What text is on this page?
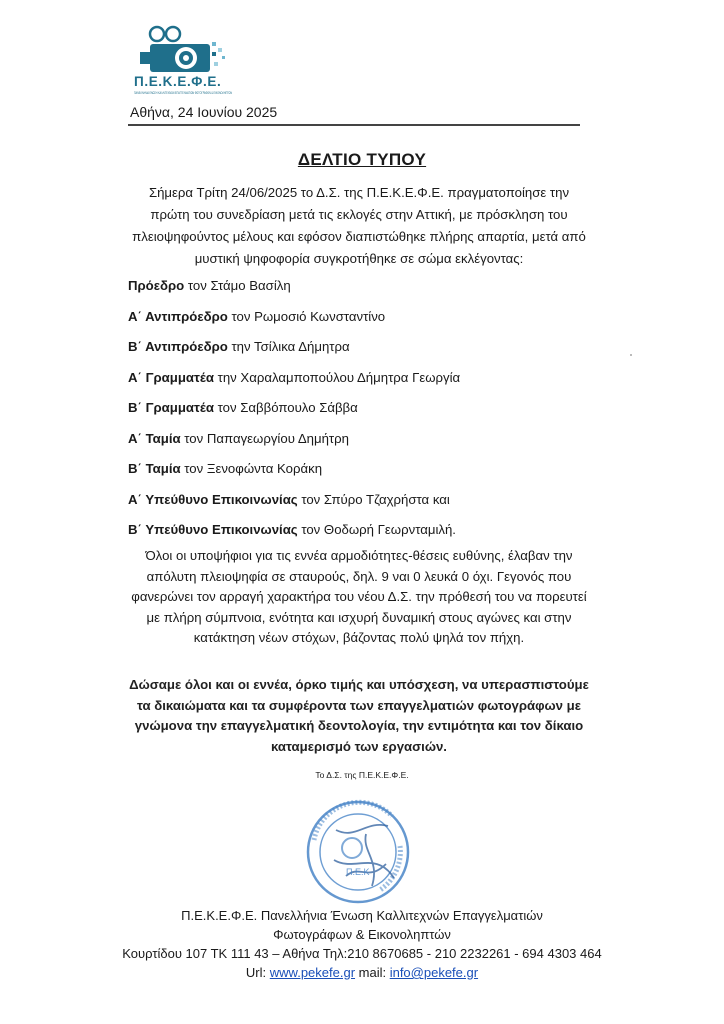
Π.Ε.Κ.Ε.Φ.Ε.
ΠΑΝΕΛΛΗΝΙΑ ΕΝΩΣΗ ΚΑΛΛΙΤΕΧΝΩΝ ΕΠΑΓΓΕΛΜΑΤΙΩΝ ΦΩΤΟΓΡΑΦΩΝ & ΕΙΚΟΝΟΛΗΠΤΩΝ
Αθήνα, 24 Ιουνίου 2025
ΔΕΛΤΙΟ ΤΥΠΟΥ
Σήμερα Τρίτη 24/06/2025 το Δ.Σ. της Π.Ε.Κ.Ε.Φ.Ε. πραγματοποίησε την πρώτη του συνεδρίαση μετά τις εκλογές στην Αττική, με πρόσκληση του πλειοψηφούντος μέλους και εφόσον διαπιστώθηκε πλήρης απαρτία, μετά από μυστική ψηφοφορία συγκροτήθηκε σε σώμα εκλέγοντας:
Πρόεδρο τον Στάμο Βασίλη
Α΄ Αντιπρόεδρο τον Ρωμοσιό Κωνσταντίνο
Β΄ Αντιπρόεδρο την Τσίλικα Δήμητρα
Α΄ Γραμματέα την Χαραλαμποπούλου Δήμητρα Γεωργία
Β΄ Γραμματέα τον Σαββόπουλο Σάββα
Α΄ Ταμία τον Παπαγεωργίου Δημήτρη
Β΄ Ταμία τον Ξενοφώντα Κοράκη
Α΄ Υπεύθυνο Επικοινωνίας τον Σπύρο Τζαχρήστα και
Β΄ Υπεύθυνο Επικοινωνίας τον Θοδωρή Γεωρνταμιλή.
Όλοι οι υποψήφιοι για τις εννέα αρμοδιότητες-θέσεις ευθύνης, έλαβαν την απόλυτη πλειοψηφία σε σταυρούς, δηλ. 9 ναι 0 λευκά 0 όχι. Γεγονός που φανερώνει τον αρραγή χαρακτήρα του νέου Δ.Σ. την πρόθεσή του να πορευτεί με πλήρη σύμπνοια, ενότητα και ισχυρή δυναμική στους αγώνες και στην κατάκτηση νέων στόχων, βάζοντας πολύ ψηλά τον πήχη.
Δώσαμε όλοι και οι εννέα, όρκο τιμής και υπόσχεση, να υπερασπιστούμε τα δικαιώματα και τα συμφέροντα των επαγγελματιών φωτογράφων με γνώμονα την επαγγελματική δεοντολογία, την εντιμότητα και τον δίκαιο καταμερισμό των εργασιών.
Το Δ.Σ. της Π.Ε.Κ.Ε.Φ.Ε.
Π.Ε.Κ
Π.Ε.Κ.Ε.Φ.Ε. Πανελλήνια Ένωση Καλλιτεχνών Επαγγελματιών
Φωτογράφων & Εικονοληπτών
Κουρτίδου 107 ΤΚ 111 43 – Αθήνα Τηλ:210 8670685 - 210 2232261 - 694 4303 464
Url: www.pekefe.gr mail: info@pekefe.gr
